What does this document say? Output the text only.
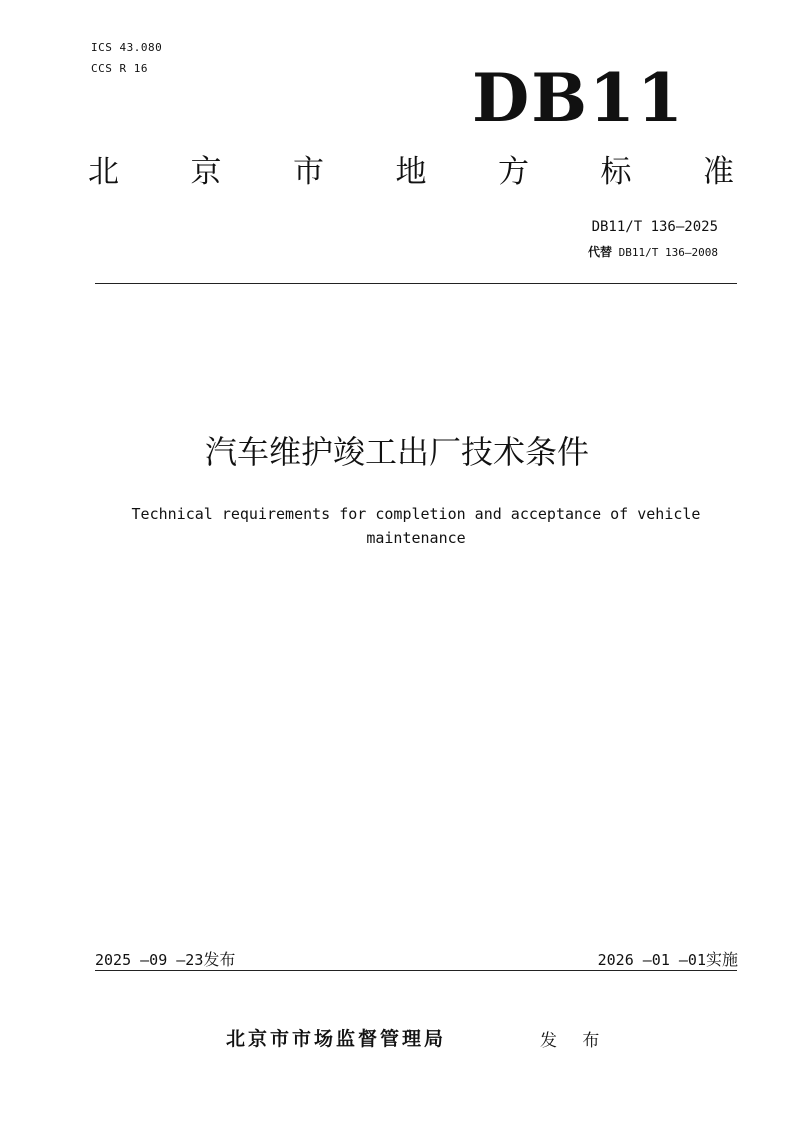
ICS 43.080
CCS R 16	DB11
北 京 市 地 方 标 准
DB11/T 136—2025
代替 DB11/T 136—2008
汽车维护竣工出厂技术条件
Technical requirements for completion and acceptance of vehicle maintenance
2025 —09 —23发布	2026 —01 —01实施
北京市市场监督管理局	发 布
